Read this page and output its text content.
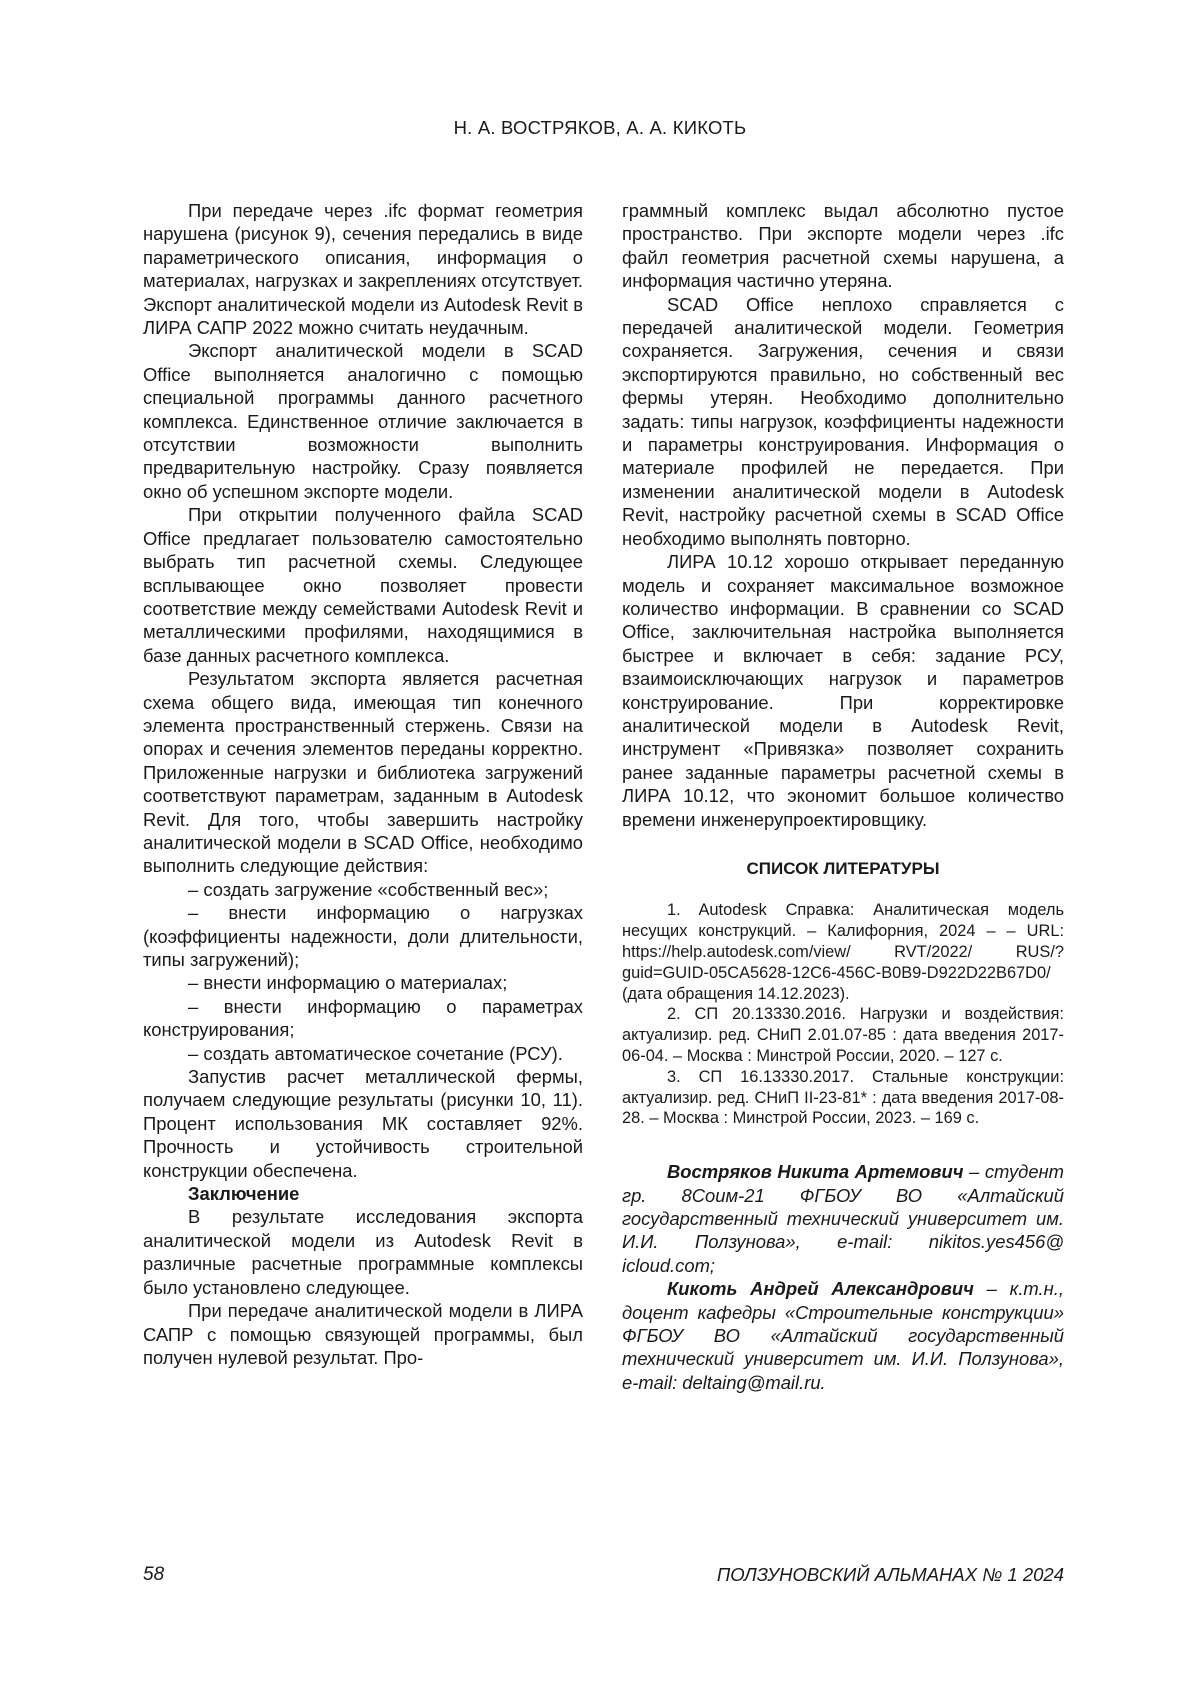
Н. А. ВОСТРЯКОВ, А. А. КИКОТЬ

При передаче через .ifc формат геометрия нарушена (рисунок 9), сечения передались в виде параметрического описания, информация о материалах, нагрузках и закреплениях отсутствует. Экспорт аналитической модели из Autodesk Revit в ЛИРА САПР 2022 можно считать неудачным.

Экспорт аналитической модели в SCAD Office выполняется аналогично с помощью специальной программы данного расчетного комплекса. Единственное отличие заключается в отсутствии возможности выполнить предварительную настройку. Сразу появляется окно об успешном экспорте модели.

При открытии полученного файла SCAD Office предлагает пользователю самостоятельно выбрать тип расчетной схемы. Следующее всплывающее окно позволяет провести соответствие между семействами Autodesk Revit и металлическими профилями, находящимися в базе данных расчетного комплекса.

Результатом экспорта является расчетная схема общего вида, имеющая тип конечного элемента пространственный стержень. Связи на опорах и сечения элементов переданы корректно. Приложенные нагрузки и библиотека загружений соответствуют параметрам, заданным в Autodesk Revit. Для того, чтобы завершить настройку аналитической модели в SCAD Office, необходимо выполнить следующие действия:

– создать загружение «собственный вес»;

– внести информацию о нагрузках (коэффициенты надежности, доли длительности, типы загружений);

– внести информацию о материалах;

– внести информацию о параметрах конструирования;

– создать автоматическое сочетание (РСУ).

Запустив расчет металлической фермы, получаем следующие результаты (рисунки 10, 11). Процент использования МК составляет 92%. Прочность и устойчивость строительной конструкции обеспечена.

Заключение

В результате исследования экспорта аналитической модели из Autodesk Revit в различные расчетные программные комплексы было установлено следующее.

При передаче аналитической модели в ЛИРА САПР с помощью связующей программы, был получен нулевой результат. Про-

граммный комплекс выдал абсолютно пустое пространство. При экспорте модели через .ifc файл геометрия расчетной схемы нарушена, а информация частично утеряна.

SCAD Office неплохо справляется с передачей аналитической модели. Геометрия сохраняется. Загружения, сечения и связи экспортируются правильно, но собственный вес фермы утерян. Необходимо дополнительно задать: типы нагрузок, коэффициенты надежности и параметры конструирования. Информация о материале профилей не передается. При изменении аналитической модели в Autodesk Revit, настройку расчетной схемы в SCAD Office необходимо выполнять повторно.

ЛИРА 10.12 хорошо открывает переданную модель и сохраняет максимальное возможное количество информации. В сравнении со SCAD Office, заключительная настройка выполняется быстрее и включает в себя: задание РСУ, взаимоисключающих нагрузок и параметров конструирование. При корректировке аналитической модели в Autodesk Revit, инструмент «Привязка» позволяет сохранить ранее заданные параметры расчетной схемы в ЛИРА 10.12, что экономит большое количество времени инженерупроектировщику.

СПИСОК ЛИТЕРАТУРЫ

1. Autodesk Справка: Аналитическая модель несущих конструкций. – Калифорния, 2024 – – URL: https://help.autodesk.com/view/ RVT/2022/ RUS/?guid=GUID-05CA5628-12C6-456C-B0B9-D922D22B67D0/ (дата обращения 14.12.2023).

2. СП 20.13330.2016. Нагрузки и воздействия: актуализир. ред. СНиП 2.01.07-85 : дата введения 2017-06-04. – Москва : Минстрой России, 2020. – 127 с.

3. СП 16.13330.2017. Стальные конструкции: актуализир. ред. СНиП II-23-81* : дата введения 2017-08-28. – Москва : Минстрой России, 2023. – 169 с.

Востряков Никита Артемович – студент гр. 8Соим-21 ФГБОУ ВО «Алтайский государственный технический университет им. И.И. Ползунова», e-mail: nikitos.yes456@ icloud.com;

Кикоть Андрей Александрович – к.т.н., доцент кафедры «Строительные конструкции» ФГБОУ ВО «Алтайский государственный технический университет им. И.И. Ползунова», e-mail: deltaing@mail.ru.

58	ПОЛЗУНОВСКИЙ АЛЬМАНАХ № 1 2024
